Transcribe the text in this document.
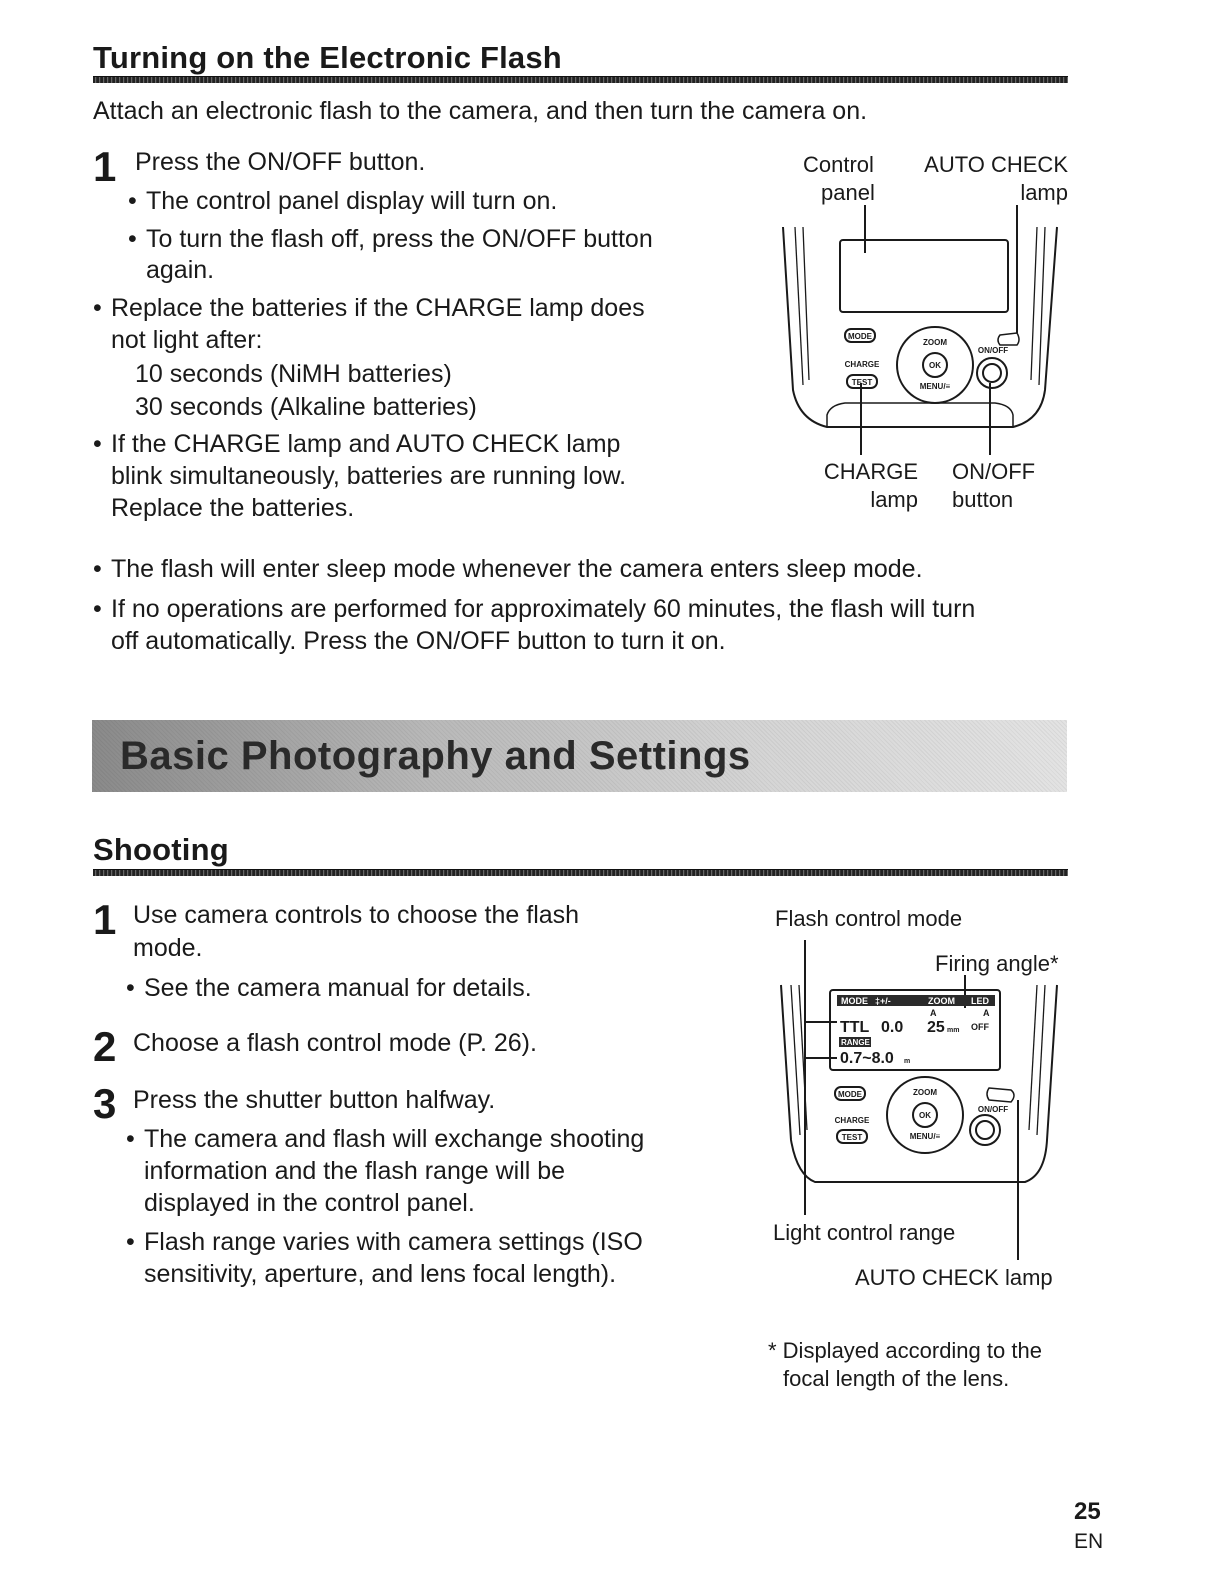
Turning on the Electronic Flash
Attach an electronic flash to the camera, and then turn the camera on.
1 Press the ON/OFF button.
• The control panel display will turn on.
• To turn the flash off, press the ON/OFF button
again.
• Replace the batteries if the CHARGE lamp does
not light after:
10 seconds (NiMH batteries)
30 seconds (Alkaline batteries)
• If the CHARGE lamp and AUTO CHECK lamp
blink simultaneously, batteries are running low.
Replace the batteries.
• The flash will enter sleep mode whenever the camera enters sleep mode.
• If no operations are performed for approximately 60 minutes, the flash will turn
off automatically. Press the ON/OFF button to turn it on.
Control
panel
AUTO CHECK
lamp
CHARGE
lamp
ON/OFF
button
MODE
CHARGE
TEST
ZOOM
OK
MENU/≡
ON/OFF
Basic Photography and Settings
Shooting
1 Use camera controls to choose the flash
mode.
• See the camera manual for details.
2 Choose a flash control mode (P. 26).
3 Press the shutter button halfway.
• The camera and flash will exchange shooting
information and the flash range will be
displayed in the control panel.
• Flash range varies with camera settings (ISO
sensitivity, aperture, and lens focal length).
Flash control mode
Firing angle*
Light control range
AUTO CHECK lamp
MODE ‡+/-	ZOOM LED
A	A
TTL 0.0 25 mm OFF
RANGE
0.7~8.0 m
MODE
CHARGE
TEST
ZOOM
OK
MENU/≡
ON/OFF
* Displayed according to the
focal length of the lens.
25
EN
